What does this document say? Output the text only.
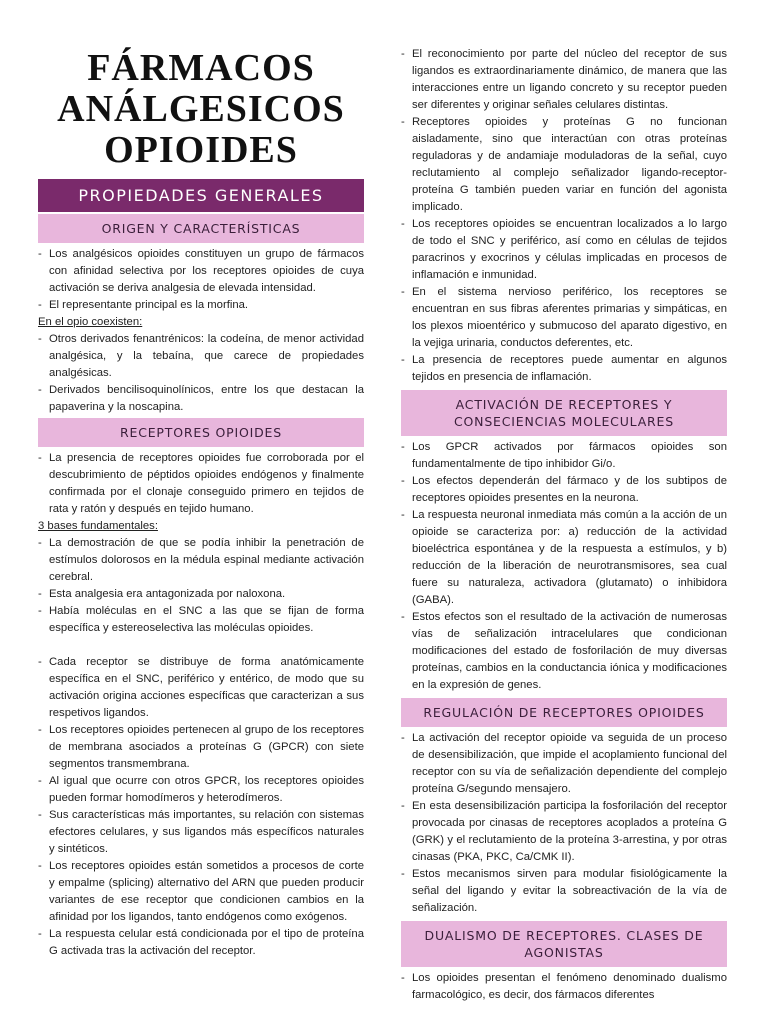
FÁRMACOS
ANÁLGESICOS
OPIOIDES
PROPIEDADES GENERALES
ORIGEN Y CARACTERÍSTICAS
- Los analgésicos opioides constituyen un grupo de fármacos con afinidad selectiva por los receptores opioides de cuya activación se deriva analgesia de elevada intensidad.
- El representante principal es la morfina.
En el opio coexisten:
- Otros derivados fenantrénicos: la codeína, de menor actividad analgésica, y la tebaína, que carece de propiedades analgésicas.
- Derivados bencilisoquinolínicos, entre los que destacan la papaverina y la noscapina.
RECEPTORES OPIOIDES
- La presencia de receptores opioides fue corroborada por el descubrimiento de péptidos opioides endógenos y finalmente confirmada por el clonaje conseguido primero en tejidos de rata y ratón y después en tejido humano.
3 bases fundamentales:
- La demostración de que se podía inhibir la penetración de estímulos dolorosos en la médula espinal mediante activación cerebral.
- Esta analgesia era antagonizada por naloxona.
- Había moléculas en el SNC a las que se fijan de forma específica y estereoselectiva las moléculas opioides.
- Cada receptor se distribuye de forma anatómicamente específica en el SNC, periférico y entérico, de modo que su activación origina acciones específicas que caracterizan a sus respetivos ligandos.
- Los receptores opioides pertenecen al grupo de los receptores de membrana asociados a proteínas G (GPCR) con siete segmentos transmembrana.
- Al igual que ocurre con otros GPCR, los receptores opioides pueden formar homodímeros y heterodímeros.
- Sus características más importantes, su relación con sistemas efectores celulares, y sus ligandos más específicos naturales y sintéticos.
- Los receptores opioides están sometidos a procesos de corte y empalme (splicing) alternativo del ARN que pueden producir variantes de ese receptor que condicionen cambios en la afinidad por los ligandos, tanto endógenos como exógenos.
- La respuesta celular está condicionada por el tipo de proteína G activada tras la activación del receptor.
- El reconocimiento por parte del núcleo del receptor de sus ligandos es extraordinariamente dinámico, de manera que las interacciones entre un ligando concreto y su receptor pueden ser diferentes y originar señales celulares distintas.
- Receptores opioides y proteínas G no funcionan aisladamente, sino que interactúan con otras proteínas reguladoras y de andamiaje moduladoras de la señal, cuyo reclutamiento al complejo señalizador ligando-receptor-proteína G también pueden variar en función del agonista implicado.
- Los receptores opioides se encuentran localizados a lo largo de todo el SNC y periférico, así como en células de tejidos paracrinos y exocrinos y células implicadas en procesos de inflamación e inmunidad.
- En el sistema nervioso periférico, los receptores se encuentran en sus fibras aferentes primarias y simpáticas, en los plexos mioentérico y submucoso del aparato digestivo, en la vejiga urinaria, conductos deferentes, etc.
- La presencia de receptores puede aumentar en algunos tejidos en presencia de inflamación.
ACTIVACIÓN DE RECEPTORES Y CONSECIENCIAS MOLECULARES
- Los GPCR activados por fármacos opioides son fundamentalmente de tipo inhibidor Gi/o.
- Los efectos dependerán del fármaco y de los subtipos de receptores opioides presentes en la neurona.
- La respuesta neuronal inmediata más común a la acción de un opioide se caracteriza por: a) reducción de la actividad bioeléctrica espontánea y de la respuesta a estímulos, y b) reducción de la liberación de neurotransmisores, sea cual fuere su naturaleza, activadora (glutamato) o inhibidora (GABA).
- Estos efectos son el resultado de la activación de numerosas vías de señalización intracelulares que condicionan modificaciones del estado de fosforilación de muy diversas proteínas, cambios en la conductancia iónica y modificaciones en la expresión de genes.
REGULACIÓN DE RECEPTORES OPIOIDES
- La activación del receptor opioide va seguida de un proceso de desensibilización, que impide el acoplamiento funcional del receptor con su vía de señalización dependiente del complejo proteína G/segundo mensajero.
- En esta desensibilización participa la fosforilación del receptor provocada por cinasas de receptores acoplados a proteína G (GRK) y el reclutamiento de la proteína 3-arrestina, y por otras cinasas (PKA, PKC, Ca/CMK II).
- Estos mecanismos sirven para modular fisiológicamente la señal del ligando y evitar la sobreactivación de la vía de señalización.
DUALISMO DE RECEPTORES. CLASES DE AGONISTAS
- Los opioides presentan el fenómeno denominado dualismo farmacológico, es decir, dos fármacos diferentes
